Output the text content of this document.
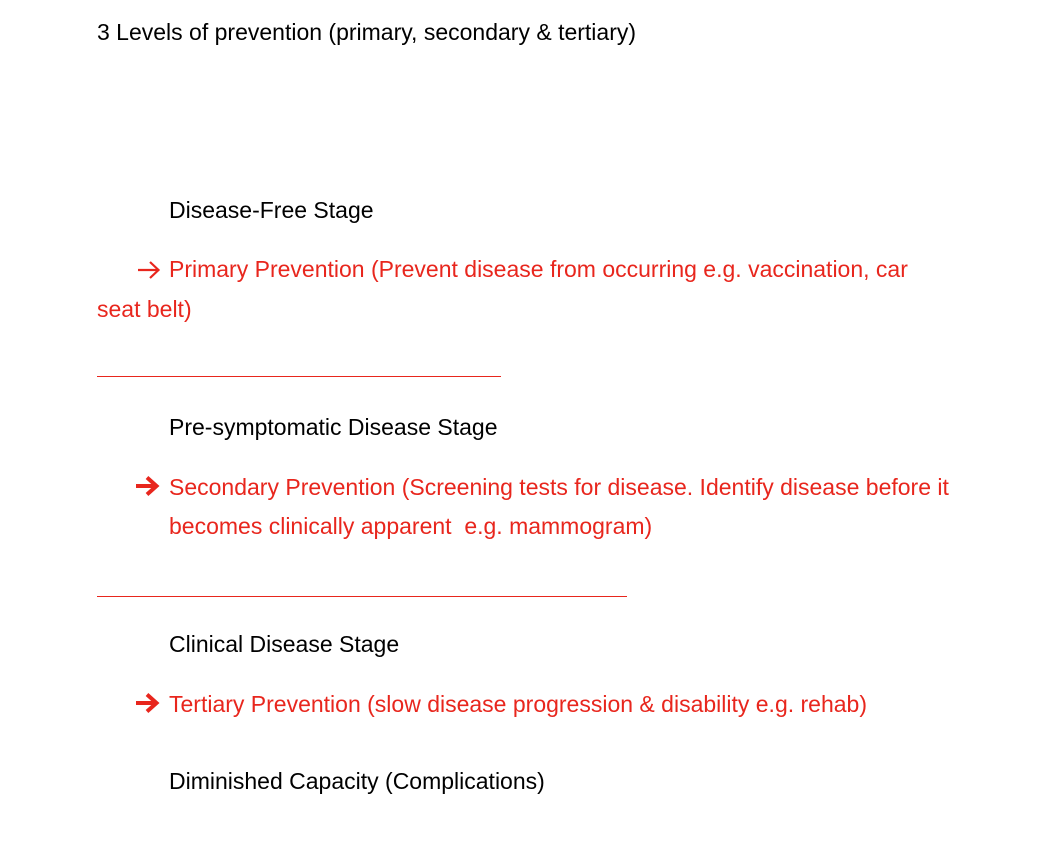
3 Levels of prevention (primary, secondary & tertiary)
Disease-Free Stage
Primary Prevention (Prevent disease from occurring e.g. vaccination, car
seat belt)
Pre-symptomatic Disease Stage
Secondary Prevention (Screening tests for disease. Identify disease before it
becomes clinically apparent  e.g. mammogram)
Clinical Disease Stage
Tertiary Prevention (slow disease progression & disability e.g. rehab)
Diminished Capacity (Complications)
